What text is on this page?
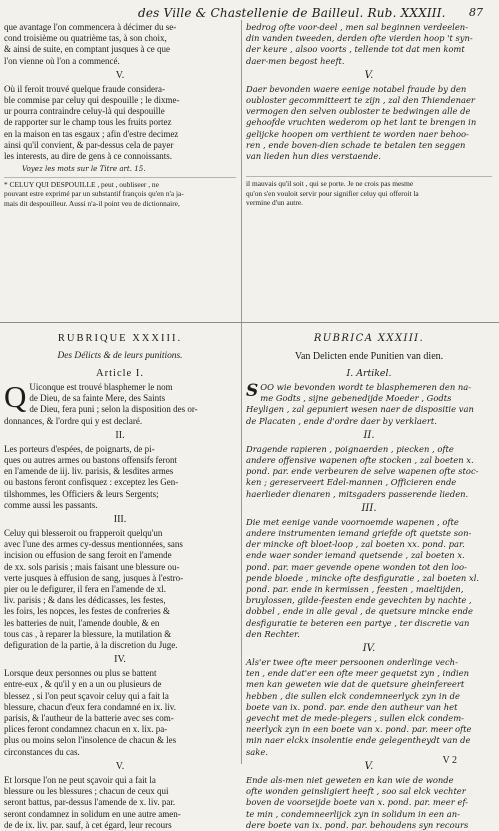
des Ville & Chastellenie de Bailleul. Rub. XXXIII. 87

que avantage l'on commencera à décimer du se-

cond troisième ou quatrième tas, à son choix,

& ainsi de suite, en comptant jusques à ce que

l'on vienne où l'on a commencé.

V.

Où il feroit trouvé quelque fraude considera-

ble commise par celuy qui despouille ; le dixme-

ur pourra contraindre celuy-là qui despouille

de rapporter sur le champ tous les fruits portez

en la maison en tas esgaux ; afin d'estre decimez

ainsi qu'il convient, & par-dessus cela de payer

les interests, au dire de gens à ce connoissants.

Voyez les mots sur le Titre art. 15.

* CELUY QUI DESPOUILLE , peut , oubliseer , ne

pouvant estre exprimé par un substantif françois qu'en n'a ja-

mais dit despouilleur. Aussi n'a-il point veu de dictionnaire,

RUBRIQUE XXXIII.

Des Délicts & de leurs punitions.

Article I.

Q Uiconque est trouvé blasphemer le nom

de Dieu, de sa fainte Mere, des Saints

de Dieu, fera puni ; selon la disposition des or-

donnances, & l'ordre qui y est declaré.

II.

Les porteurs d'espées, de poignarts, de pi-

ques ou autres armes ou bastons offensifs feront

en l'amende de iij. liv. parisis, & lesdites armes

ou bastons feront confisquez : exceptez les Gen-

tilshommes, les Officiers & leurs Sergents;

comme aussi les passants.

III.

Celuy qui blesseroit ou frapperoit quelqu'un

avec l'une des armes cy-dessus mentionnées, sans

incision ou effusion de sang feroit en l'amende

de xx. sols parisis ; mais faisant une blessure ou-

verte jusques à effusion de sang, jusques à l'estro-

pier ou le defigurer, il fera en l'amende de xl.

liv. parisis ; & dans les dédicasses, les festes,

les foirs, les nopces, les festes de confreries &

les batteries de nuit, l'amende double, & en

tous cas , à reparer la blessure, la mutilation &

defiguration de la partie, à la discretion du Juge.

IV.

Lorsque deux personnes ou plus se battent

entre-eux , & qu'il y en a un ou plusieurs de

blessez , si l'on peut sçavoir celuy qui a fait la

blessure, chacun d'eux fera condamné en ix. liv.

parisis, & l'autheur de la batterie avec ses com-

plices feront condamnez chacun en x. lix. pa-

plus ou moins selon l'insolence de chacun & les

circonstances du cas.

V.

Et lorsque l'on ne peut sçavoir qui a fait la

blessure ou les blessures ; chacun de ceux qui

seront battus, par-dessus l'amende de x. liv. par.

seront condamnez in solidum en une autre amen-

de de ix. liv. par. sauf, à cet égard, leur recours

bedrog ofte voor-deel , men sal beginnen verdeelen-

din vanden tweeden, derden ofte vierden hoop 't syn-

der keure , alsoo voorts , tellende tot dat men komt

daer-men begost heeft.

V.

Daer bevonden waere eenige notabel fraude by den

oubloster gecommitteert te zijn , zal den Thiendenaer

vermogen den selven oubloster te bedwingen alle de

gehoofde vruchten wederom op het lant te brengen in

gelijcke hoopen om verthient te worden naer behoo-

ren , ende boven-dien schade te betalen ten seggen

van lieden hun dies verstaende.

il mauvais qu'il soit , qui se porte. Je ne crois pas mesme

qu'on s'en vouloit servir pour signifier celuy qui offeroit la

vermine d'un autre.

RUBRICA XXXIII.

Van Delicten ende Punitien van dien.

I. Artikel.

S OO wie bevonden wordt te blasphemeren den na-

me Godts , sijne gebenedijde Moeder , Godts

Heyligen , zal gepuniert wesen naer de dispositie van

de Placaten , ende d'ordre daer by verklaert.

II.

Dragende rapieren , poignaerden , piecken , ofte

andere offensive wapenen ofte stocken , zal boeten x.

pond. par. ende verbeuren de selve wapenen ofte stoc-

ken ; gereserveert Edel-mannen , Officieren ende

haerlieder dienaren , mitsgaders passerende lieden.

III.

Die met eenige vande voornoemde wapenen , ofte

andere instrumenten iemand griefde oft quetste son-

der mincke oft bloet-loop , zal boeten xx. pond. par.

ende waer sonder iemand quetsende , zal boeten x.

pond. par. maer gevende opene wonden tot den loo-

pende bloede , mincke ofte desfiguratie , zal boeten xl.

pond. par. ende in kermissen , feesten , maeltijden,

bruylossen, gilde-feesten ende gevechten by nachte ,

dobbel , ende in alle geval , de quetsure mincke ende

desfiguratie te beteren een partye , ter discretie van

den Rechter.

IV.

Als'er twee ofte meer persoonen onderlinge vech-

ten , ende dat'er een ofte meer gequetst zyn , indien

men kan geweten wie dat de quetsure gheinfereert

hebben , die sullen elck condemneerlyck zyn in de

boete van ix. pond. par. ende den autheur van het

gevecht met de mede-plegers , sullen elck condem-

neerlyck zyn in een boete van x. pond. par. meer ofte

min naer elckx insolentie ende gelegentheydt van de

sake.

V.

Ende als-men niet geweten en kan wie de wonde

ofte wonden geinsligiert heeft , soo sal elck vechter

boven de voorseijde boete van x. pond. par. meer ef-

te min , condemneerlijck zyn in solidum in een an-

dere boete van ix. pond. par. behoudens syn recours

V 2
